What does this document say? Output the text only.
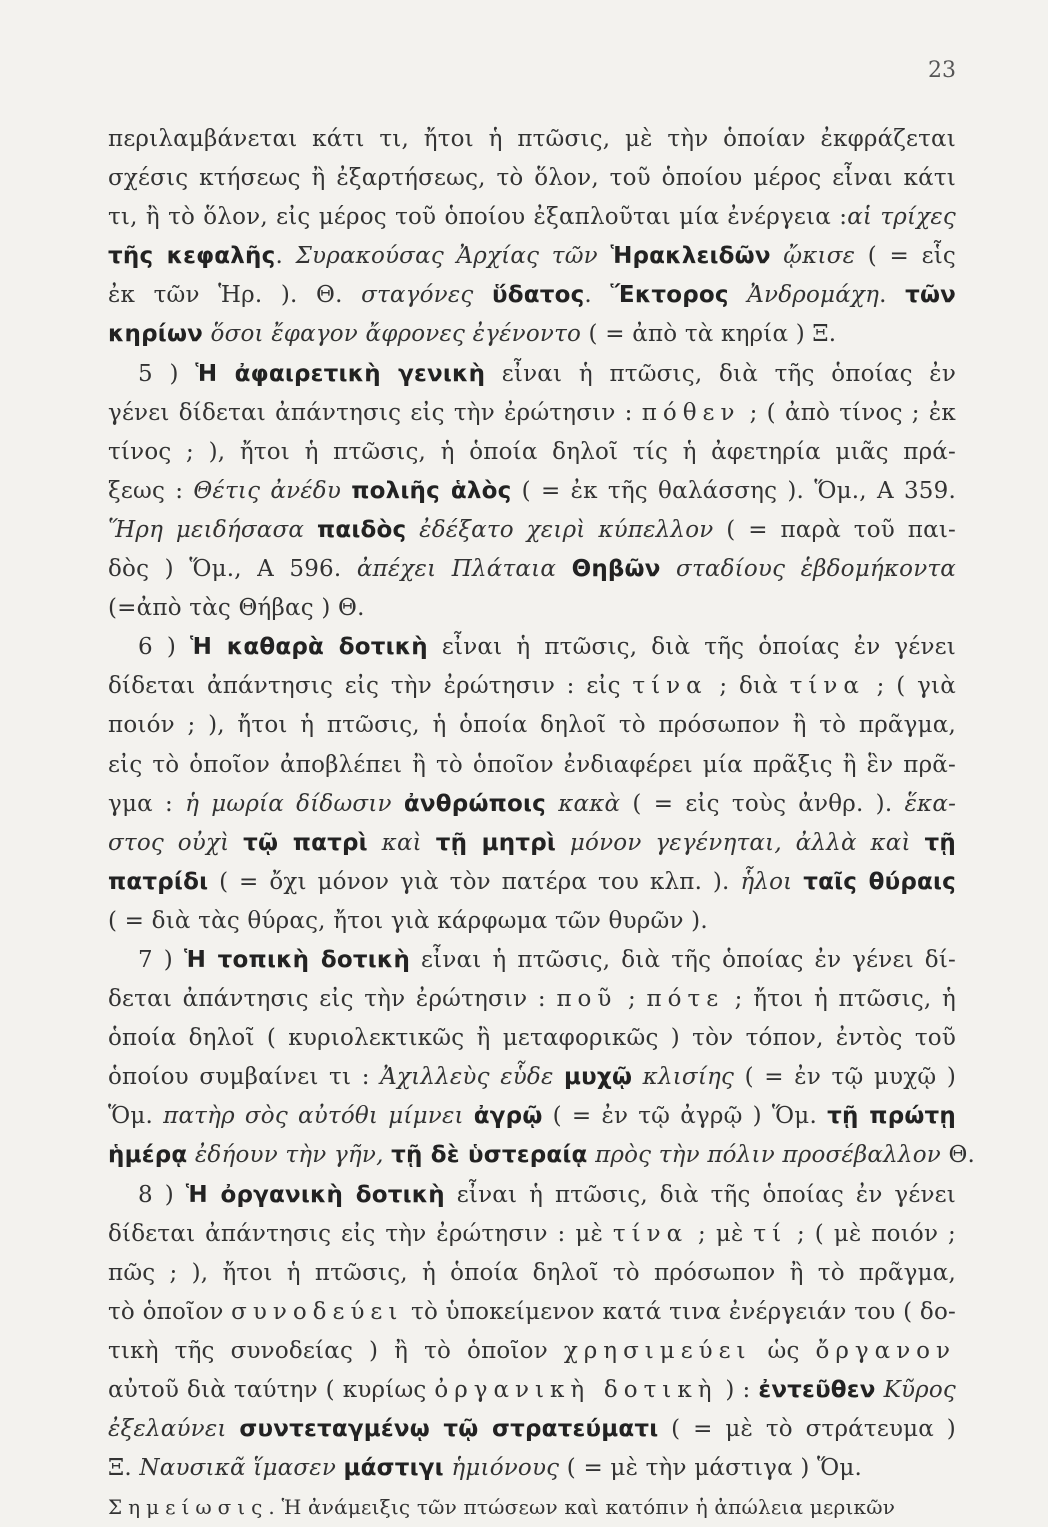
23
περιλαμβάνεται κάτι τι, ἤτοι ἡ πτῶσις, μὲ τὴν ὁποίαν ἐκφράζεται
σχέσις κτήσεως ἢ ἐξαρτήσεως, τὸ ὅλον, τοῦ ὁποίου μέρος εἶναι κάτι
τι, ἢ τὸ ὅλον, εἰς μέρος τοῦ ὁποίου ἐξαπλοῦται μία ἐνέργεια :αἱ τρίχες
τῆς κεφαλῆς. Συρακούσας Ἀρχίας τῶν Ἡρακλειδῶν ᾤκισε ( = εἷς
ἐκ τῶν Ἡρ. ). Θ. σταγόνες ὕδατος. Ἕκτορος Ἀνδρομάχη. τῶν
κηρίων ὅσοι ἔφαγον ἄφρονες ἐγένοντο ( = ἀπὸ τὰ κηρία ) Ξ.
5 ) Ἡ ἀφαιρετικὴ γενικὴ εἶναι ἡ πτῶσις, διὰ τῆς ὁποίας ἐν
γένει δίδεται ἀπάντησις εἰς τὴν ἐρώτησιν : πόθεν ; ( ἀπὸ τίνος ; ἐκ
τίνος ; ), ἤτοι ἡ πτῶσις, ἡ ὁποία δηλοῖ τίς ἡ ἀφετηρία μιᾶς πρά-
ξεως : Θέτις ἀνέδυ πολιῆς ἁλὸς ( = ἐκ τῆς θαλάσσης ). Ὅμ., Α 359.
Ἥρη μειδήσασα παιδὸς ἐδέξατο χειρὶ κύπελλον ( = παρὰ τοῦ παι-
δὸς ) Ὅμ., Α 596. ἀπέχει Πλάταια Θηβῶν σταδίους ἑβδομήκοντα
(=ἀπὸ τὰς Θήβας ) Θ.
6 ) Ἡ καθαρὰ δοτικὴ εἶναι ἡ πτῶσις, διὰ τῆς ὁποίας ἐν γένει
δίδεται ἀπάντησις εἰς τὴν ἐρώτησιν : εἰς τίνα ; διὰ τίνα ; ( γιὰ
ποιόν ; ), ἤτοι ἡ πτῶσις, ἡ ὁποία δηλοῖ τὸ πρόσωπον ἢ τὸ πρᾶγμα,
εἰς τὸ ὁποῖον ἀποβλέπει ἢ τὸ ὁποῖον ἐνδιαφέρει μία πρᾶξις ἢ ἓν πρᾶ-
γμα : ἡ μωρία δίδωσιν ἀνθρώποις κακὰ ( = εἰς τοὺς ἀνθρ. ). ἕκα-
στος οὐχὶ τῷ πατρὶ καὶ τῇ μητρὶ μόνον γεγένηται, ἀλλὰ καὶ τῇ
πατρίδι ( = ὄχι μόνον γιὰ τὸν πατέρα του κλπ. ). ἧλοι ταῖς θύραις
( = διὰ τὰς θύρας, ἤτοι γιὰ κάρφωμα τῶν θυρῶν ).
7 ) Ἡ τοπικὴ δοτικὴ εἶναι ἡ πτῶσις, διὰ τῆς ὁποίας ἐν γένει δί-
δεται ἀπάντησις εἰς τὴν ἐρώτησιν : ποῦ ; πότε ; ἤτοι ἡ πτῶσις, ἡ
ὁποία δηλοῖ ( κυριολεκτικῶς ἢ μεταφορικῶς ) τὸν τόπον, ἐντὸς τοῦ
ὁποίου συμβαίνει τι : Ἀχιλλεὺς εὗδε μυχῷ κλισίης ( = ἐν τῷ μυχῷ )
Ὅμ. πατὴρ σὸς αὐτόθι μίμνει ἀγρῷ ( = ἐν τῷ ἀγρῷ ) Ὅμ. τῇ πρώτῃ
ἡμέρᾳ ἐδήουν τὴν γῆν, τῇ δὲ ὑστεραίᾳ πρὸς τὴν πόλιν προσέβαλλον Θ.
8 ) Ἡ ὀργανικὴ δοτικὴ εἶναι ἡ πτῶσις, διὰ τῆς ὁποίας ἐν γένει
δίδεται ἀπάντησις εἰς τὴν ἐρώτησιν : μὲ τίνα ; μὲ τί ; ( μὲ ποιόν ;
πῶς ; ), ἤτοι ἡ πτῶσις, ἡ ὁποία δηλοῖ τὸ πρόσωπον ἢ τὸ πρᾶγμα,
τὸ ὁποῖον συνοδεύει τὸ ὑποκείμενον κατά τινα ἐνέργειάν του ( δο-
τικὴ τῆς συνοδείας ) ἢ τὸ ὁποῖον χρησιμεύει ὡς ὄργανον
αὐτοῦ διὰ ταύτην ( κυρίως ὀργανικὴ δοτικὴ ) : ἐντεῦθεν Κῦρος
ἐξελαύνει συντεταγμένῳ τῷ στρατεύματι ( = μὲ τὸ στράτευμα )
Ξ. Ναυσικᾶ ἵμασεν μάστιγι ἡμιόνους ( = μὲ τὴν μάστιγα ) Ὅμ.
Σημείωσις. Ἡ ἀνάμειξις τῶν πτώσεων καὶ κατόπιν ἡ ἀπώλεια μερικῶν
